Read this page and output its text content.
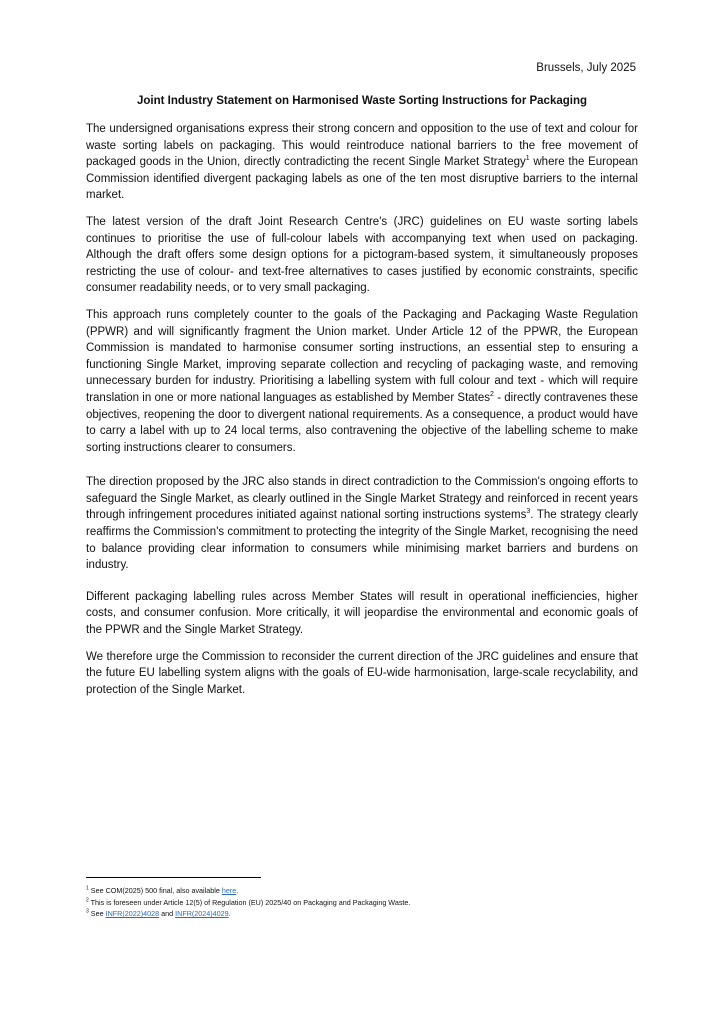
Brussels, July 2025
Joint Industry Statement on Harmonised Waste Sorting Instructions for Packaging

The undersigned organisations express their strong concern and opposition to the use of text and colour for waste sorting labels on packaging. This would reintroduce national barriers to the free movement of packaged goods in the Union, directly contradicting the recent Single Market Strategy$^1$ where the European Commission identified divergent packaging labels as one of the ten most disruptive barriers to the internal market.

The latest version of the draft Joint Research Centre's (JRC) guidelines on EU waste sorting labels continues to prioritise the use of full-colour labels with accompanying text when used on packaging. Although the draft offers some design options for a pictogram-based system, it simultaneously proposes restricting the use of colour- and text-free alternatives to cases justified by economic constraints, specific consumer readability needs, or to very small packaging.

This approach runs completely counter to the goals of the Packaging and Packaging Waste Regulation (PPWR) and will significantly fragment the Union market. Under Article 12 of the PPWR, the European Commission is mandated to harmonise consumer sorting instructions, an essential step to ensuring a functioning Single Market, improving separate collection and recycling of packaging waste, and removing unnecessary burden for industry. Prioritising a labelling system with full colour and text - which will require translation in one or more national languages as established by Member States$^2$ - directly contravenes these objectives, reopening the door to divergent national requirements. As a consequence, a product would have to carry a label with up to 24 local terms, also contravening the objective of the labelling scheme to make sorting instructions clearer to consumers.

The direction proposed by the JRC also stands in direct contradiction to the Commission's ongoing efforts to safeguard the Single Market, as clearly outlined in the Single Market Strategy and reinforced in recent years through infringement procedures initiated against national sorting instructions systems$^3$. The strategy clearly reaffirms the Commission's commitment to protecting the integrity of the Single Market, recognising the need to balance providing clear information to consumers while minimising market barriers and burdens on industry.

Different packaging labelling rules across Member States will result in operational inefficiencies, higher costs, and consumer confusion. More critically, it will jeopardise the environmental and economic goals of the PPWR and the Single Market Strategy.

We therefore urge the Commission to reconsider the current direction of the JRC guidelines and ensure that the future EU labelling system aligns with the goals of EU-wide harmonisation, large-scale recyclability, and protection of the Single Market.

$^1$ See COM(2025) 500 final, also available here.
$^2$ This is foreseen under Article 12(5) of Regulation (EU) 2025/40 on Packaging and Packaging Waste.
$^3$ See INFR(2022)4028 and INFR(2024)4029.
